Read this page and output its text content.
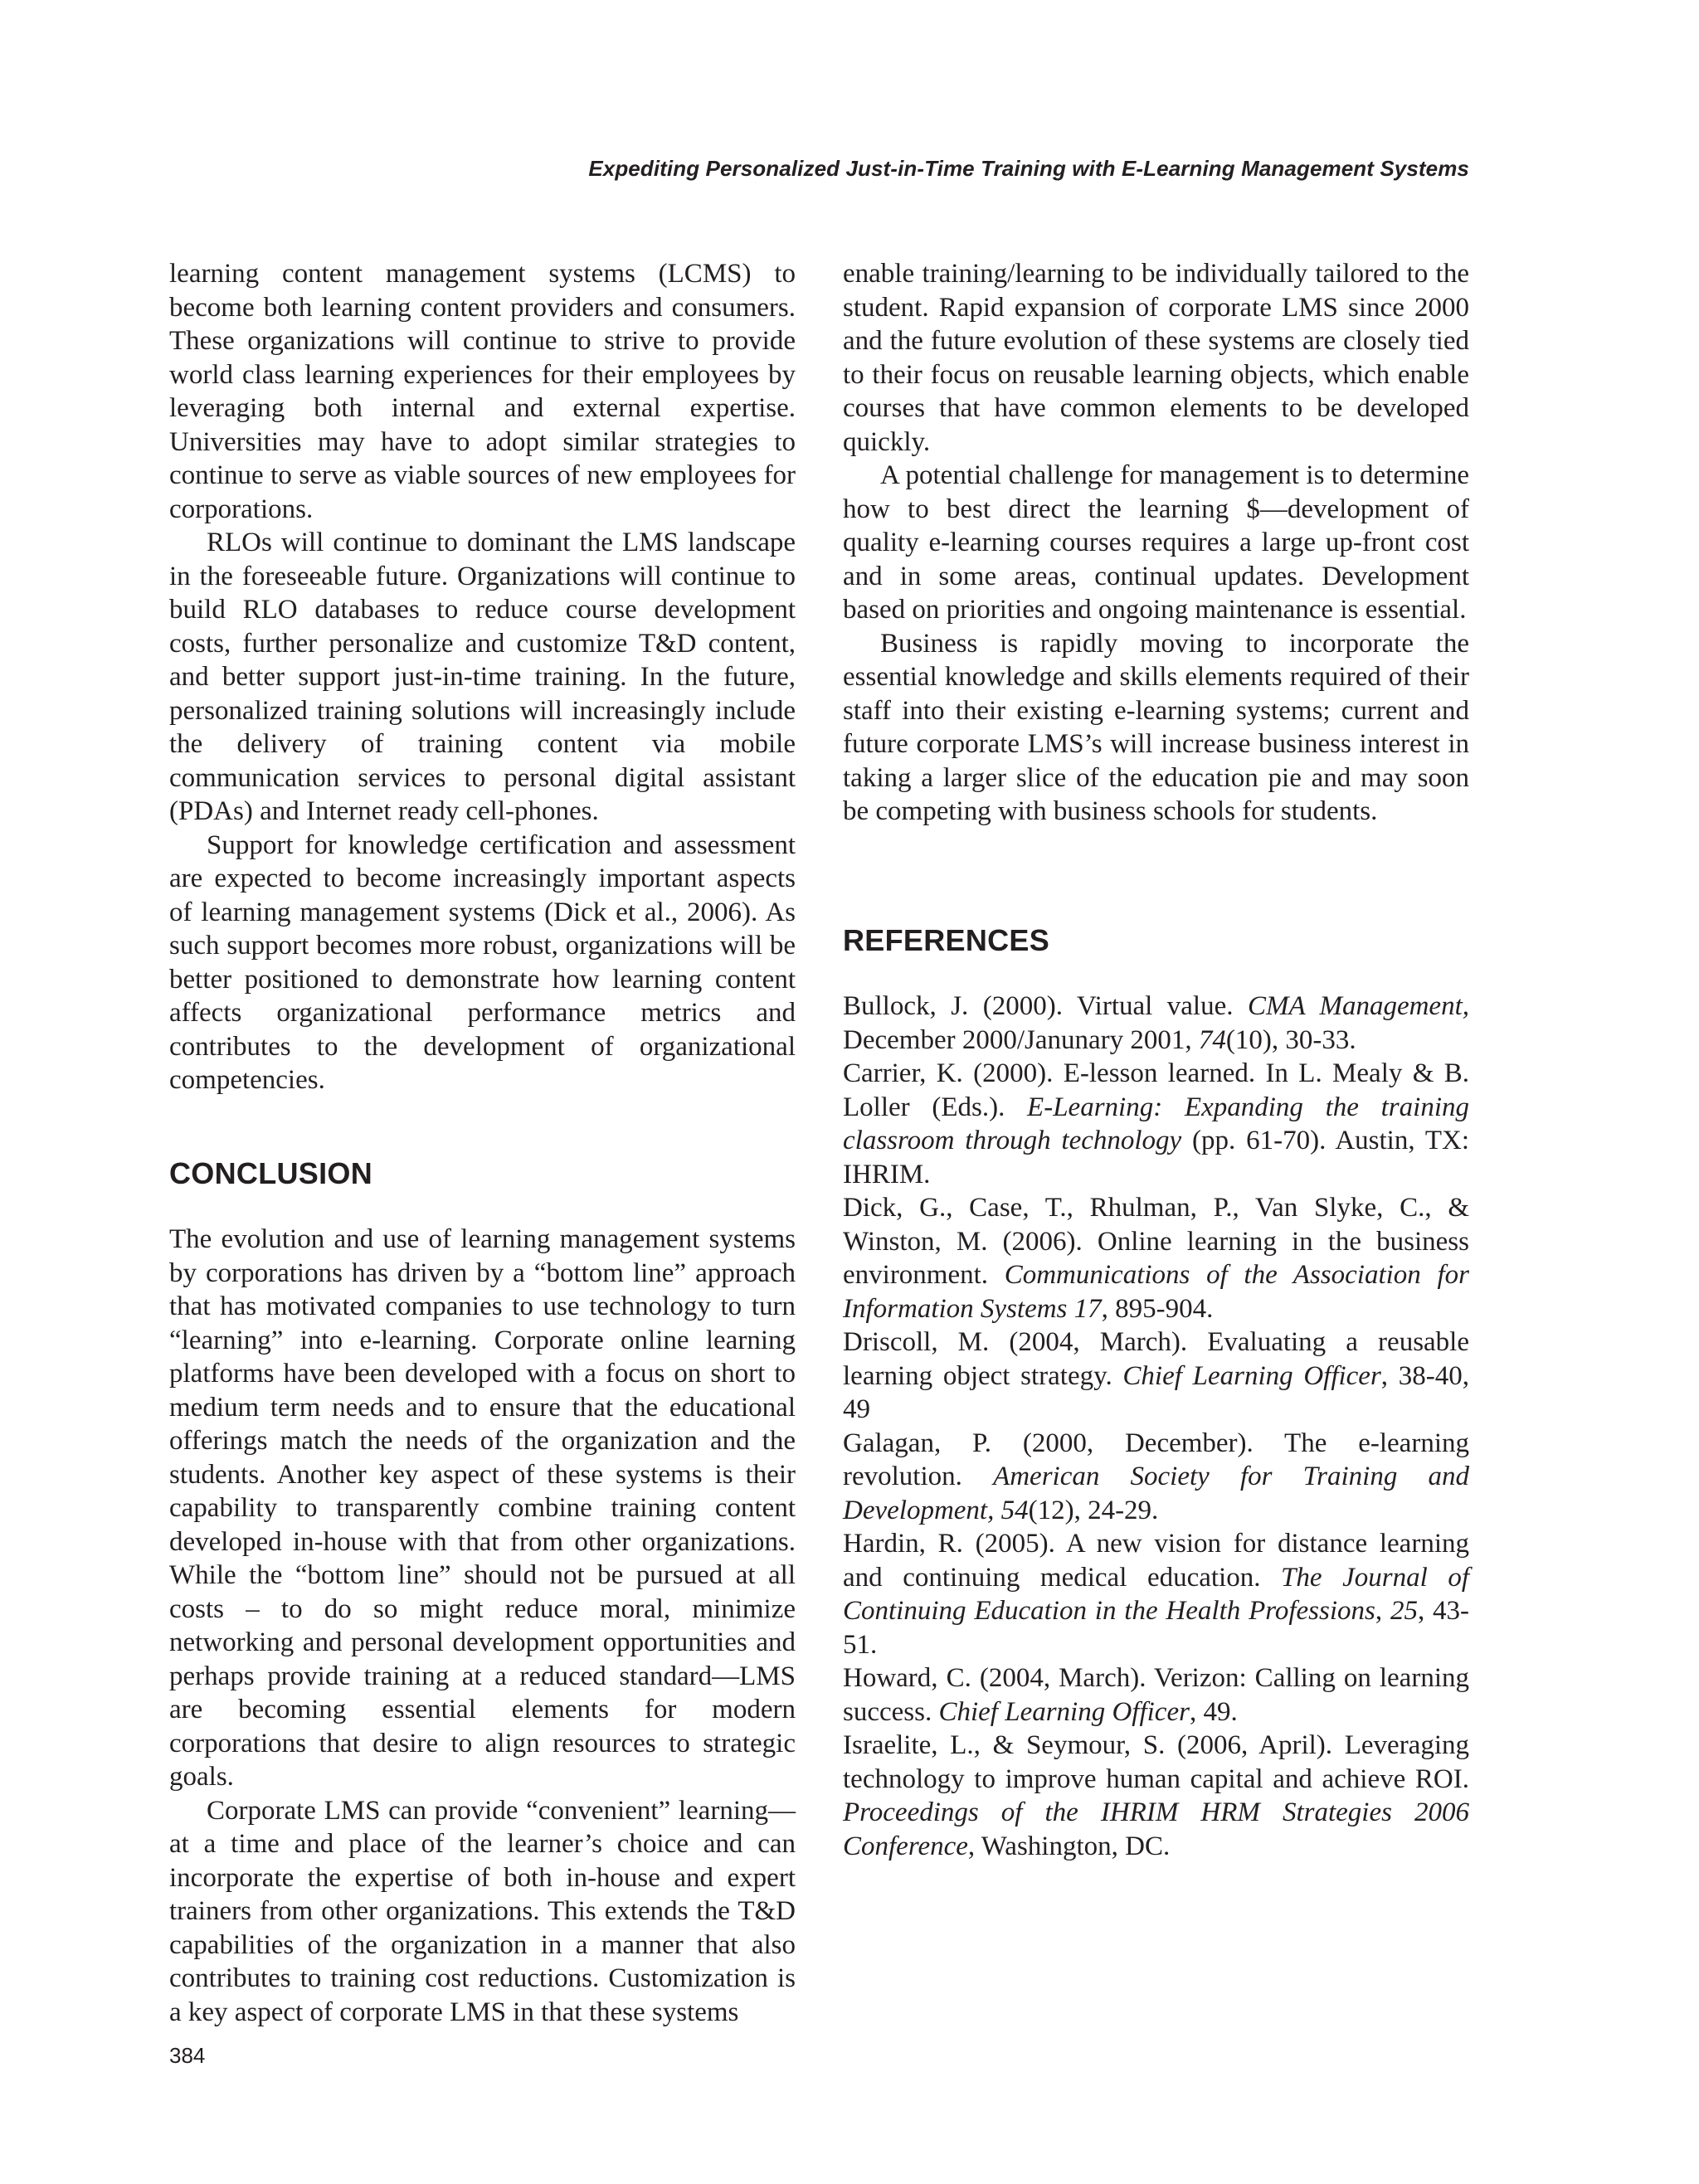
Expediting Personalized Just-in-Time Training with E-Learning Management Systems

learning content management systems (LCMS) to become both learning content providers and consumers. These organizations will continue to strive to provide world class learning experiences for their employees by leveraging both internal and external expertise. Universities may have to adopt similar strategies to continue to serve as viable sources of new employees for corporations.

RLOs will continue to dominant the LMS landscape in the foreseeable future. Organizations will continue to build RLO databases to reduce course development costs, further personalize and customize T&D content, and better support just-in-time training. In the future, personalized training solutions will increasingly include the delivery of training content via mobile communication services to personal digital assistant (PDAs) and Internet ready cell-phones.

Support for knowledge certification and assessment are expected to become increasingly important aspects of learning management systems (Dick et al., 2006). As such support becomes more robust, organizations will be better positioned to demonstrate how learning content affects organizational performance metrics and contributes to the development of organizational competencies.

CONCLUSION

The evolution and use of learning management systems by corporations has driven by a “bottom line” approach that has motivated companies to use technology to turn “learning” into e-learning. Corporate online learning platforms have been developed with a focus on short to medium term needs and to ensure that the educational offerings match the needs of the organization and the students. Another key aspect of these systems is their capability to transparently combine training content developed in-house with that from other organizations. While the “bottom line” should not be pursued at all costs – to do so might reduce moral, minimize networking and personal development opportunities and perhaps provide training at a reduced standard—LMS are becoming essential elements for modern corporations that desire to align resources to strategic goals.

Corporate LMS can provide “convenient” learning—at a time and place of the learner’s choice and can incorporate the expertise of both in-house and expert trainers from other organizations. This extends the T&D capabilities of the organization in a manner that also contributes to training cost reductions. Customization is a key aspect of corporate LMS in that these systems

enable training/learning to be individually tailored to the student. Rapid expansion of corporate LMS since 2000 and the future evolution of these systems are closely tied to their focus on reusable learning objects, which enable courses that have common elements to be developed quickly.

A potential challenge for management is to determine how to best direct the learning $—development of quality e-learning courses requires a large up-front cost and in some areas, continual updates. Development based on priorities and ongoing maintenance is essential.

Business is rapidly moving to incorporate the essential knowledge and skills elements required of their staff into their existing e-learning systems; current and future corporate LMS’s will increase business interest in taking a larger slice of the education pie and may soon be competing with business schools for students.

REFERENCES

Bullock, J. (2000). Virtual value. CMA Management, December 2000/Janunary 2001, 74(10), 30-33.

Carrier, K. (2000). E-lesson learned. In L. Mealy & B. Loller (Eds.). E-Learning: Expanding the training classroom through technology (pp. 61-70). Austin, TX: IHRIM.

Dick, G., Case, T., Rhulman, P., Van Slyke, C., & Winston, M. (2006). Online learning in the business environment. Communications of the Association for Information Systems 17, 895-904.

Driscoll, M. (2004, March). Evaluating a reusable learning object strategy. Chief Learning Officer, 38-40, 49

Galagan, P. (2000, December). The e-learning revolution. American Society for Training and Development, 54(12), 24-29.

Hardin, R. (2005). A new vision for distance learning and continuing medical education. The Journal of Continuing Education in the Health Professions, 25, 43-51.

Howard, C. (2004, March). Verizon: Calling on learning success. Chief Learning Officer, 49.

Israelite, L., & Seymour, S. (2006, April). Leveraging technology to improve human capital and achieve ROI. Proceedings of the IHRIM HRM Strategies 2006 Conference, Washington, DC.

384
